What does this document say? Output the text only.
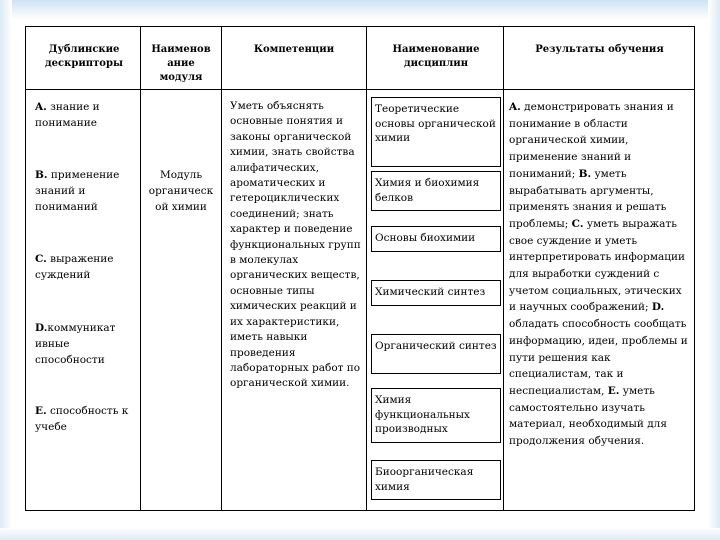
Дублинские дескрипторы
Наименов ание модуля
Компетенции	Наименование дисциплин
Результаты обучения
A. знание и понимание
B. применение знаний и пониманий
C. выражение суждений
D.коммуникат ивные способности
E. способность к учебе
Модуль органическ ой химии
Уметь объяснять основные понятия и законы органической химии, знать свойства алифатических, ароматических и гетероциклических соединений; знать характер и поведение функциональных групп в молекулах органических веществ, основные типы химических реакций и их характеристики, иметь навыки проведения лабораторных работ по органической химии.
Теоретические основы органической химии
Химия и биохимия белков
Основы биохимии
Химический синтез
Органический синтез
Химия функциональных производных
Биоорганическая химия
A. демонстрировать знания и понимание в области органической химии, применение знаний и пониманий; B. уметь вырабатывать аргументы, применять знания и решать проблемы; C. уметь выражать свое суждение и уметь интерпретировать информации для выработки суждений с учетом социальных, этических и научных соображений; D. обладать способность сообщать информацию, идеи, проблемы и пути решения как специалистам, так и неспециалистам, E. уметь самостоятельно изучать материал, необходимый для продолжения обучения.
